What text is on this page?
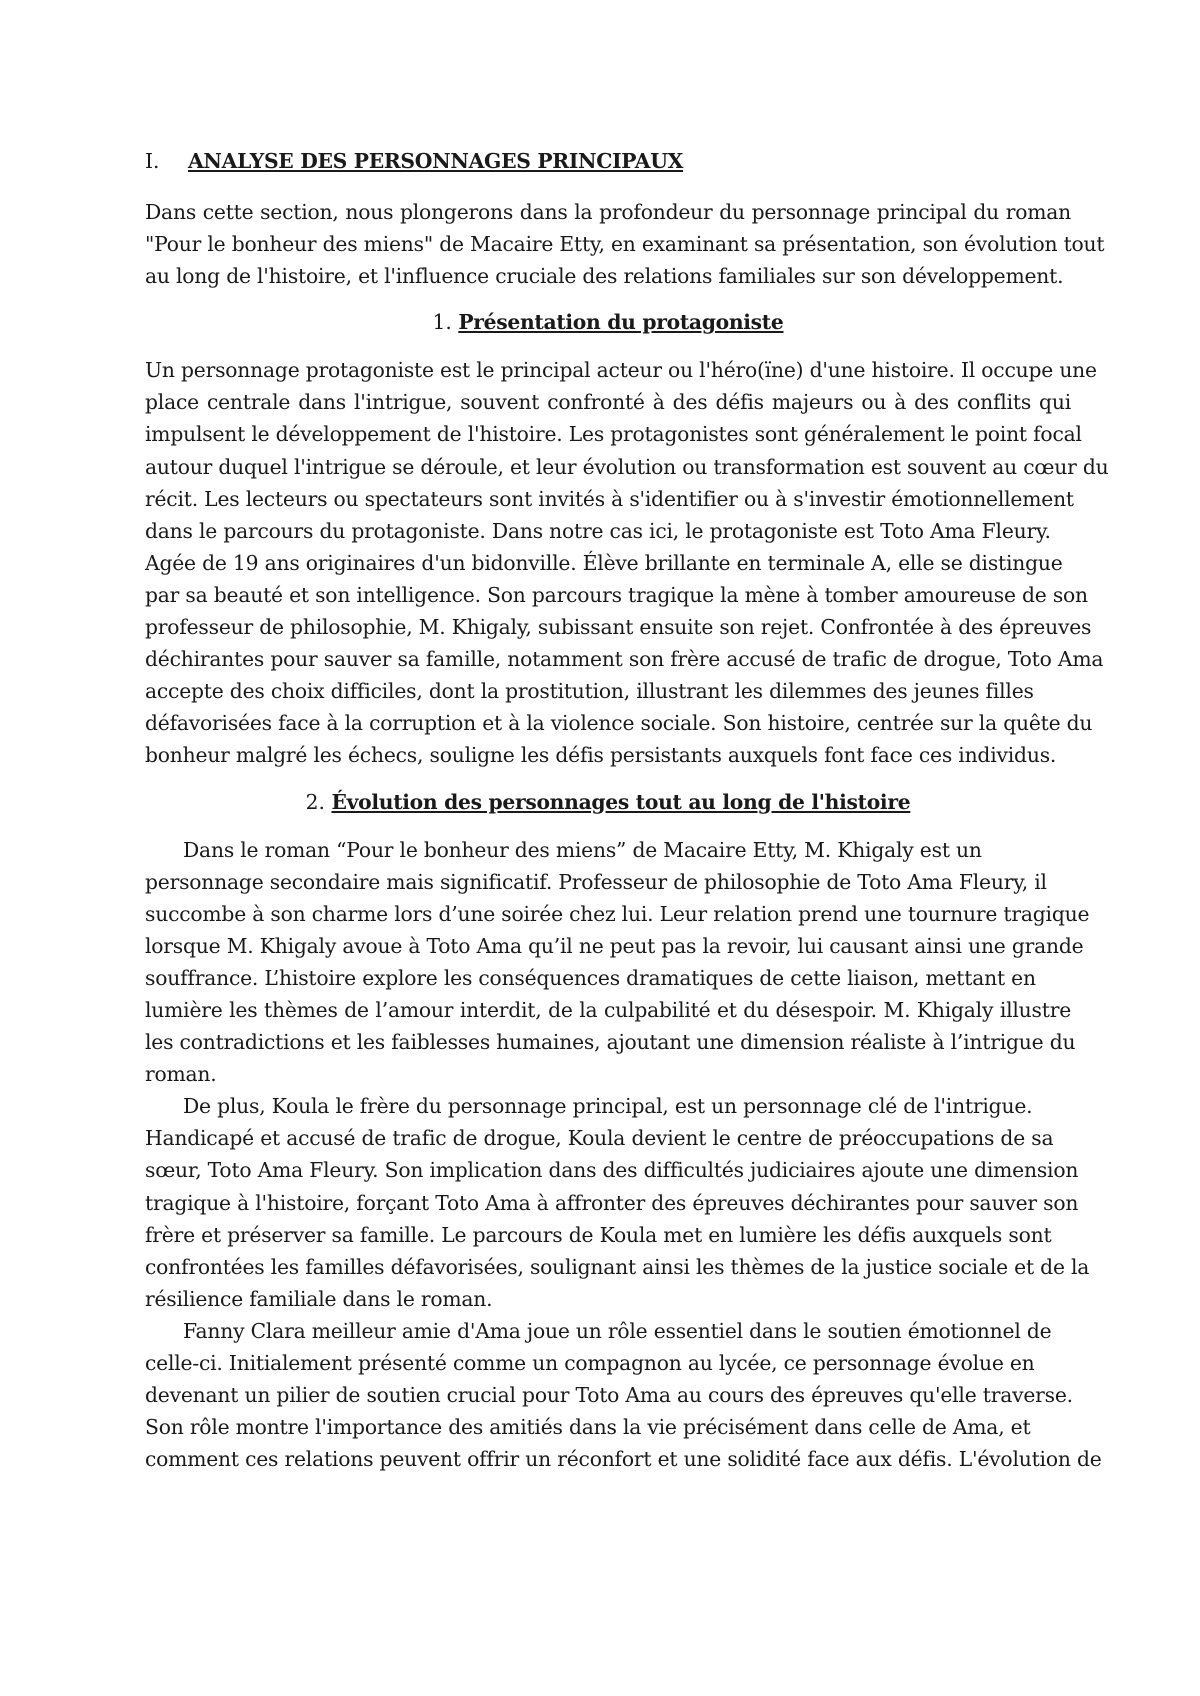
I. ANALYSE DES PERSONNAGES PRINCIPAUX
Dans cette section, nous plongerons dans la profondeur du personnage principal du roman
"Pour le bonheur des miens" de Macaire Etty, en examinant sa présentation, son évolution tout
au long de l'histoire, et l'influence cruciale des relations familiales sur son développement.
1. Présentation du protagoniste
Un personnage protagoniste est le principal acteur ou l'héro(ïne) d'une histoire. Il occupe une
place centrale dans l'intrigue, souvent confronté à des défis majeurs ou à des conflits qui
impulsent le développement de l'histoire. Les protagonistes sont généralement le point focal
autour duquel l'intrigue se déroule, et leur évolution ou transformation est souvent au cœur du
récit. Les lecteurs ou spectateurs sont invités à s'identifier ou à s'investir émotionnellement
dans le parcours du protagoniste. Dans notre cas ici, le protagoniste est Toto Ama Fleury.
Agée de 19 ans originaires d'un bidonville. Élève brillante en terminale A, elle se distingue
par sa beauté et son intelligence. Son parcours tragique la mène à tomber amoureuse de son
professeur de philosophie, M. Khigaly, subissant ensuite son rejet. Confrontée à des épreuves
déchirantes pour sauver sa famille, notamment son frère accusé de trafic de drogue, Toto Ama
accepte des choix difficiles, dont la prostitution, illustrant les dilemmes des jeunes filles
défavorisées face à la corruption et à la violence sociale. Son histoire, centrée sur la quête du
bonheur malgré les échecs, souligne les défis persistants auxquels font face ces individus.
2. Évolution des personnages tout au long de l'histoire
Dans le roman “Pour le bonheur des miens” de Macaire Etty, M. Khigaly est un
personnage secondaire mais significatif. Professeur de philosophie de Toto Ama Fleury, il
succombe à son charme lors d’une soirée chez lui. Leur relation prend une tournure tragique
lorsque M. Khigaly avoue à Toto Ama qu’il ne peut pas la revoir, lui causant ainsi une grande
souffrance. L’histoire explore les conséquences dramatiques de cette liaison, mettant en
lumière les thèmes de l’amour interdit, de la culpabilité et du désespoir. M. Khigaly illustre
les contradictions et les faiblesses humaines, ajoutant une dimension réaliste à l’intrigue du
roman.
De plus, Koula le frère du personnage principal, est un personnage clé de l'intrigue.
Handicapé et accusé de trafic de drogue, Koula devient le centre de préoccupations de sa
sœur, Toto Ama Fleury. Son implication dans des difficultés judiciaires ajoute une dimension
tragique à l'histoire, forçant Toto Ama à affronter des épreuves déchirantes pour sauver son
frère et préserver sa famille. Le parcours de Koula met en lumière les défis auxquels sont
confrontées les familles défavorisées, soulignant ainsi les thèmes de la justice sociale et de la
résilience familiale dans le roman.
Fanny Clara meilleur amie d'Ama joue un rôle essentiel dans le soutien émotionnel de
celle-ci. Initialement présenté comme un compagnon au lycée, ce personnage évolue en
devenant un pilier de soutien crucial pour Toto Ama au cours des épreuves qu'elle traverse.
Son rôle montre l'importance des amitiés dans la vie précisément dans celle de Ama, et
comment ces relations peuvent offrir un réconfort et une solidité face aux défis. L'évolution de
